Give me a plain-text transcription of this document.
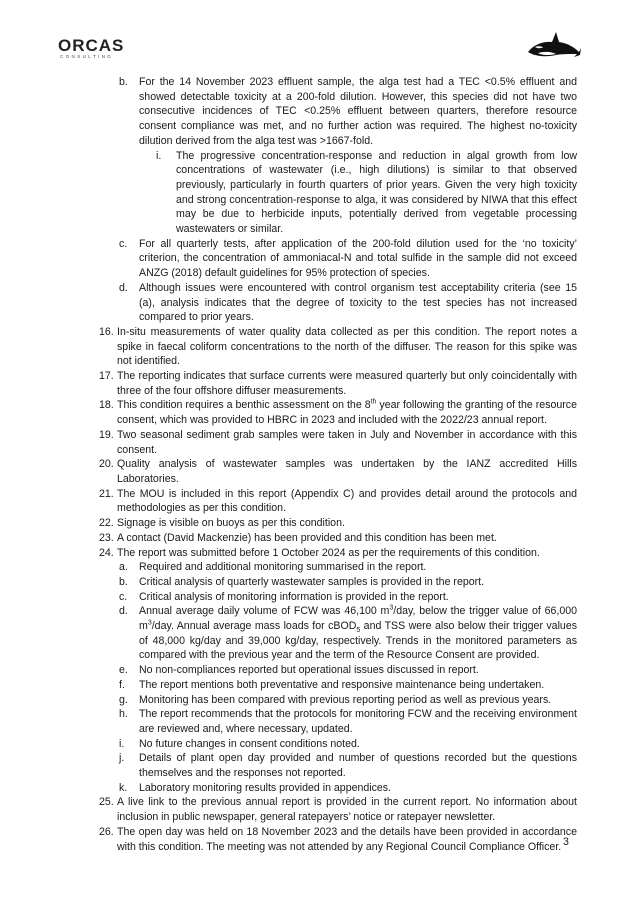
ORCAS
CONSULTING
b.	For the 14 November 2023 effluent sample, the alga test had a TEC <0.5% effluent and showed detectable toxicity at a 200-fold dilution. However, this species did not have two consecutive incidences of TEC <0.25% effluent between quarters, therefore resource consent compliance was met, and no further action was required. The highest no-toxicity dilution derived from the alga test was >1667-fold.
i.	The progressive concentration-response and reduction in algal growth from low concentrations of wastewater (i.e., high dilutions) is similar to that observed previously, particularly in fourth quarters of prior years. Given the very high toxicity and strong concentration-response to alga, it was considered by NIWA that this effect may be due to herbicide inputs, potentially derived from vegetable processing wastewaters or similar.
c.	For all quarterly tests, after application of the 200-fold dilution used for the ‘no toxicity’ criterion, the concentration of ammoniacal-N and total sulfide in the sample did not exceed ANZG (2018) default guidelines for 95% protection of species.
d.	Although issues were encountered with control organism test acceptability criteria (see 15 (a), analysis indicates that the degree of toxicity to the test species has not increased compared to prior years.
16. In-situ measurements of water quality data collected as per this condition. The report notes a spike in faecal coliform concentrations to the north of the diffuser. The reason for this spike was not identified.
17. The reporting indicates that surface currents were measured quarterly but only coincidentally with three of the four offshore diffuser measurements.
18. This condition requires a benthic assessment on the 8th year following the granting of the resource consent, which was provided to HBRC in 2023 and included with the 2022/23 annual report.
19. Two seasonal sediment grab samples were taken in July and November in accordance with this consent.
20. Quality analysis of wastewater samples was undertaken by the IANZ accredited Hills Laboratories.
21. The MOU is included in this report (Appendix C) and provides detail around the protocols and methodologies as per this condition.
22. Signage is visible on buoys as per this condition.
23. A contact (David Mackenzie) has been provided and this condition has been met.
24. The report was submitted before 1 October 2024 as per the requirements of this condition.
a.	Required and additional monitoring summarised in the report.
b.	Critical analysis of quarterly wastewater samples is provided in the report.
c.	Critical analysis of monitoring information is provided in the report.
d.	Annual average daily volume of FCW was 46,100 $m^3$/day, below the trigger value of 66,000 $m^3$/day. Annual average mass loads for cBOD$_5$ and TSS were also below their trigger values of 48,000 kg/day and 39,000 kg/day, respectively. Trends in the monitored parameters as compared with the previous year and the term of the Resource Consent are provided.
e.	No non-compliances reported but operational issues discussed in report.
f.	The report mentions both preventative and responsive maintenance being undertaken.
g.	Monitoring has been compared with previous reporting period as well as previous years.
h.	The report recommends that the protocols for monitoring FCW and the receiving environment are reviewed and, where necessary, updated.
i.	No future changes in consent conditions noted.
j.	Details of plant open day provided and number of questions recorded but the questions themselves and the responses not reported.
k.	Laboratory monitoring results provided in appendices.
25. A live link to the previous annual report is provided in the current report. No information about inclusion in public newspaper, general ratepayers’ notice or ratepayer newsletter.
26. The open day was held on 18 November 2023 and the details have been provided in accordance with this condition. The meeting was not attended by any Regional Council Compliance Officer. 3
